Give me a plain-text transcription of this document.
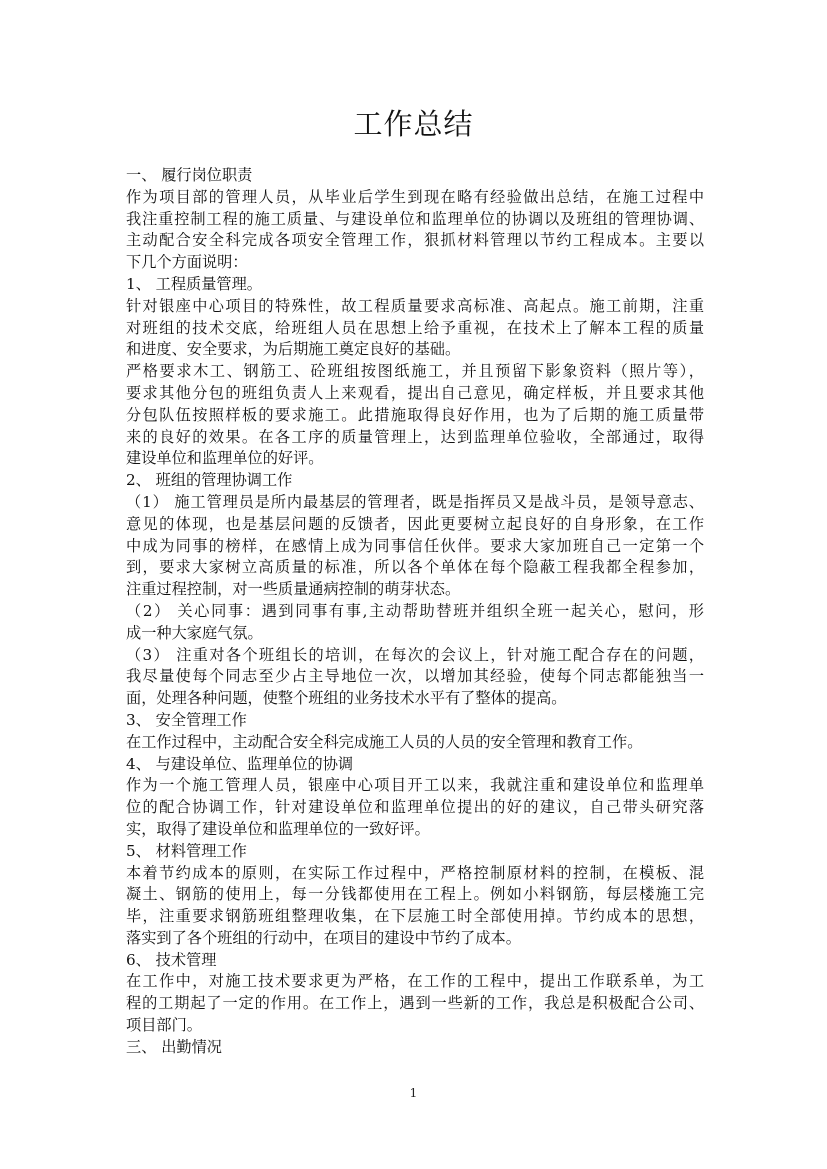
工作总结
一、 履行岗位职责
作为项目部的管理人员，从毕业后学生到现在略有经验做出总结，在施工过程中
我注重控制工程的施工质量、与建设单位和监理单位的协调以及班组的管理协调、
主动配合安全科完成各项安全管理工作，狠抓材料管理以节约工程成本。主要以
下几个方面说明：
1、 工程质量管理。
针对银座中心项目的特殊性，故工程质量要求高标准、高起点。施工前期，注重
对班组的技术交底，给班组人员在思想上给予重视，在技术上了解本工程的质量
和进度、安全要求，为后期施工奠定良好的基础。
严格要求木工、钢筋工、砼班组按图纸施工，并且预留下影象资料（照片等），
要求其他分包的班组负责人上来观看，提出自己意见，确定样板，并且要求其他
分包队伍按照样板的要求施工。此措施取得良好作用，也为了后期的施工质量带
来的良好的效果。在各工序的质量管理上，达到监理单位验收，全部通过，取得
建设单位和监理单位的好评。
2、 班组的管理协调工作
（1） 施工管理员是所内最基层的管理者，既是指挥员又是战斗员，是领导意志、
意见的体现，也是基层问题的反馈者，因此更要树立起良好的自身形象，在工作
中成为同事的榜样，在感情上成为同事信任伙伴。要求大家加班自己一定第一个
到，要求大家树立高质量的标准，所以各个单体在每个隐蔽工程我都全程参加，
注重过程控制，对一些质量通病控制的萌芽状态。
（2） 关心同事：遇到同事有事,主动帮助替班并组织全班一起关心，慰问，形
成一种大家庭气氛。
（3） 注重对各个班组长的培训，在每次的会议上，针对施工配合存在的问题，
我尽量使每个同志至少占主导地位一次，以增加其经验，使每个同志都能独当一
面，处理各种问题，使整个班组的业务技术水平有了整体的提高。
3、 安全管理工作
在工作过程中，主动配合安全科完成施工人员的人员的安全管理和教育工作。
4、 与建设单位、监理单位的协调
作为一个施工管理人员，银座中心项目开工以来，我就注重和建设单位和监理单
位的配合协调工作，针对建设单位和监理单位提出的好的建议，自己带头研究落
实，取得了建设单位和监理单位的一致好评。
5、 材料管理工作
本着节约成本的原则，在实际工作过程中，严格控制原材料的控制，在模板、混
凝土、钢筋的使用上，每一分钱都使用在工程上。例如小料钢筋，每层楼施工完
毕，注重要求钢筋班组整理收集，在下层施工时全部使用掉。节约成本的思想，
落实到了各个班组的行动中，在项目的建设中节约了成本。
6、 技术管理
在工作中，对施工技术要求更为严格，在工作的工程中，提出工作联系单，为工
程的工期起了一定的作用。在工作上，遇到一些新的工作，我总是积极配合公司、
项目部门。
三、 出勤情况
1
